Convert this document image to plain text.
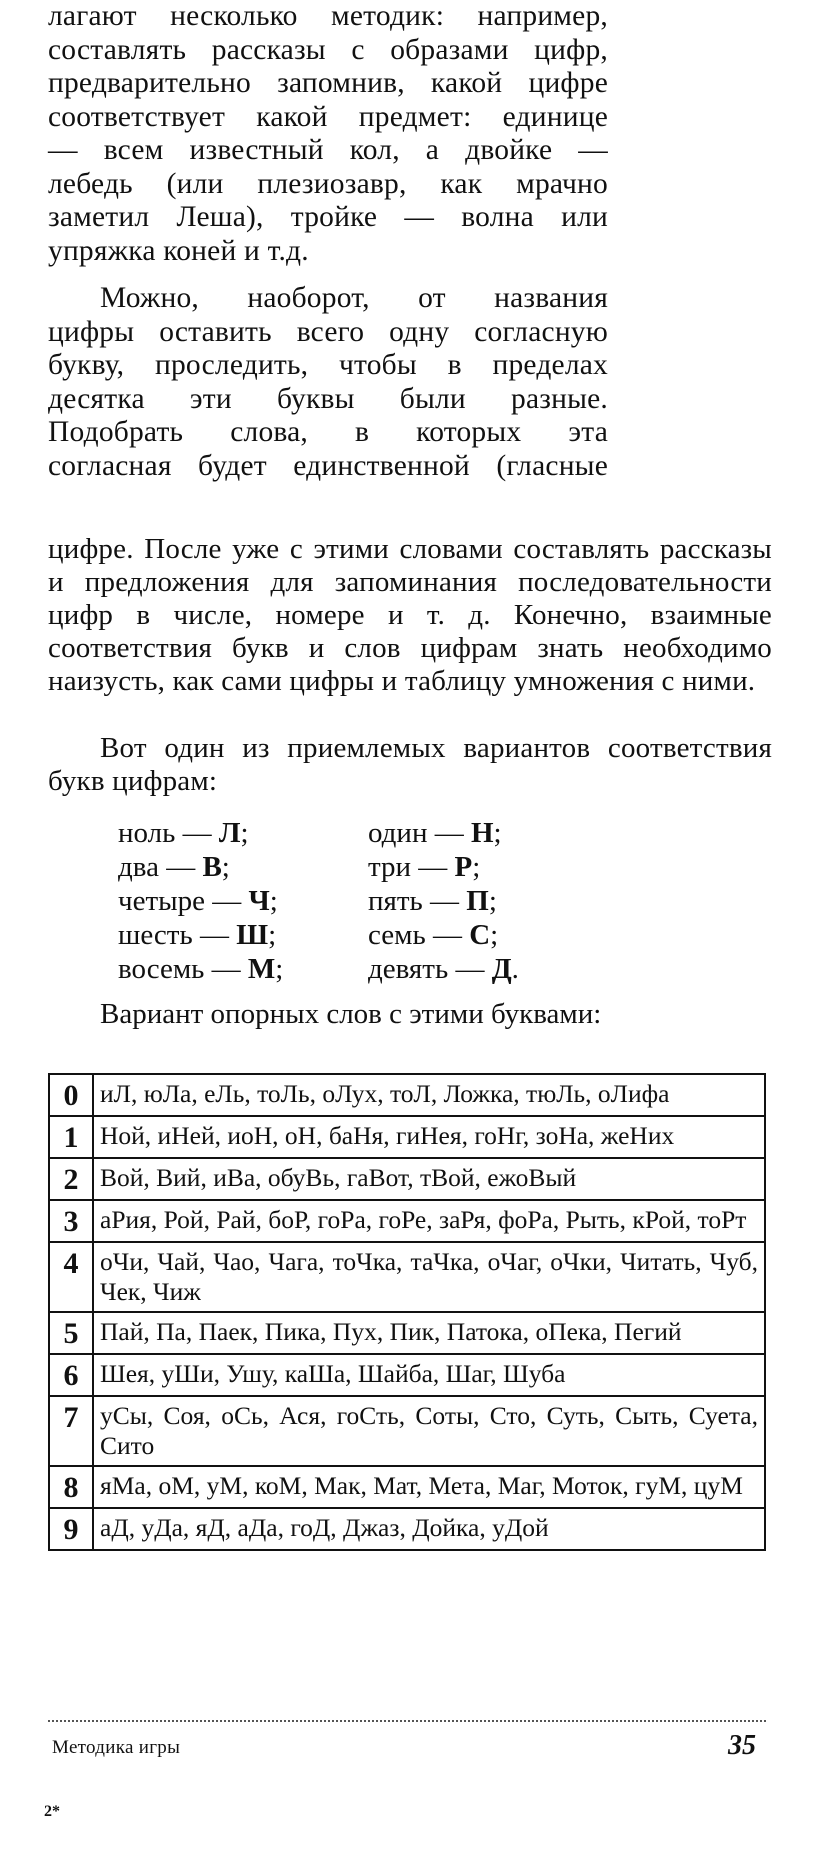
лагают несколько методик: например,
составлять рассказы с образами цифр,
предварительно запомнив, какой цифре
соответствует какой предмет: единице
— всем известный кол, а двойке —
лебедь (или плезиозавр, как мрачно
заметил Леша), тройке — волна или
упряжка коней и т.д.
Можно, наоборот, от названия
цифры оставить всего одну согласную
букву, проследить, чтобы в пределах
десятка эти буквы были разные.
Подобрать слова, в которых эта
согласная будет единственной (гласные

цифре. После уже с этими словами составлять рассказы и предложения для запоминания последовательности цифр в числе, номере и т. д. Конечно, взаимные соответствия букв и слов цифрам знать необходимо наизусть, как сами цифры и таблицу умножения с ними.

Вот один из приемлемых вариантов соответствия букв цифрам:

ноль — Л;	один — Н;
два — В;	три — Р;
четыре — Ч;	пять — П;
шесть — Ш;	семь — С;
восемь — М;	девять — Д.

Вариант опорных слов с этими буквами:

0	иЛ, юЛа, еЛь, тоЛь, оЛух, тоЛ, Ложка, тюЛь, оЛифа
1	Ной, иНей, иоН, оН, баНя, гиНея, гоНг, зоНа, жеНих
2	Вой, Вий, иВа, обуВь, гаВот, тВой, ежоВый
3	аРия, Рой, Рай, боР, гоРа, гоРе, заРя, фоРа, Рыть, кРой, тоРт
4	оЧи, Чай, Чао, Чага, тоЧка, таЧка, оЧаг, оЧки, Читать, Чуб, Чек, Чиж
5	Пай, Па, Паек, Пика, Пух, Пик, Патока, оПека, Пегий
6	Шея, уШи, Ушу, каШа, Шайба, Шаг, Шуба
7	уСы, Соя, оСь, Ася, гоСть, Соты, Сто, Суть, Сыть, Суета, Сито
8	яМа, оМ, уМ, коМ, Мак, Мат, Мета, Маг, Моток, гуМ, цуМ
9	аД, уДа, яД, аДа, гоД, Джаз, Дойка, уДой
Методика игры	35
2*
